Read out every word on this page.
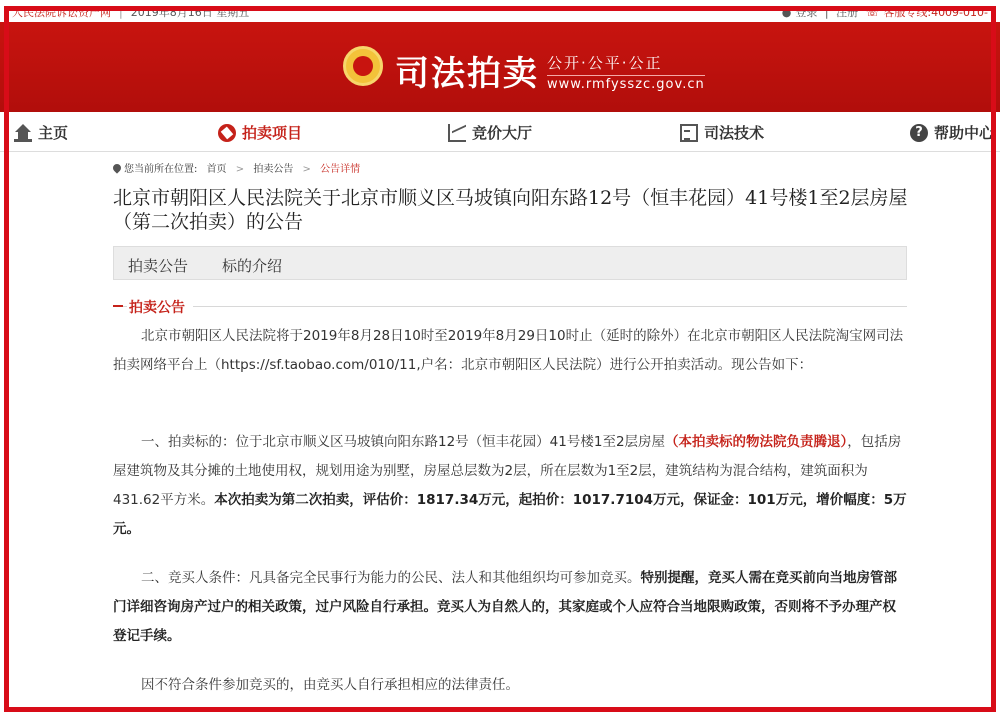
人民法院诉讼资产网 | 2019年8月16日 星期五	● 登录 | 注册 ☏ 客服专线:4009-010-
司法拍卖 公开·公平·公正
www.rmfysszc.gov.cn
主页	拍卖项目	竞价大厅	司法技术	? 帮助中心
您当前所在位置: 首页 > 拍卖公告 > 公告详情
北京市朝阳区人民法院关于北京市顺义区马坡镇向阳东路12号（恒丰花园）41号楼1至2层房屋（第二次拍卖）的公告
拍卖公告 标的介绍
拍卖公告
北京市朝阳区人民法院将于2019年8月28日10时至2019年8月29日10时止（延时的除外）在北京市朝阳区人民法院淘宝网司法拍卖网络平台上（https://sf.taobao.com/010/11,户名：北京市朝阳区人民法院）进行公开拍卖活动。现公告如下：
一、拍卖标的：位于北京市顺义区马坡镇向阳东路12号（恒丰花园）41号楼1至2层房屋（本拍卖标的物法院负责腾退），包括房屋建筑物及其分摊的土地使用权，规划用途为别墅，房屋总层数为2层，所在层数为1至2层，建筑结构为混合结构，建筑面积为431.62平方米。本次拍卖为第二次拍卖，评估价：1817.34万元，起拍价：1017.7104万元，保证金：101万元，增价幅度：5万元。
二、竞买人条件：凡具备完全民事行为能力的公民、法人和其他组织均可参加竞买。特别提醒，竞买人需在竞买前向当地房管部门详细咨询房产过户的相关政策，过户风险自行承担。竞买人为自然人的，其家庭或个人应符合当地限购政策，否则将不予办理产权登记手续。
因不符合条件参加竞买的，由竞买人自行承担相应的法律责任。
